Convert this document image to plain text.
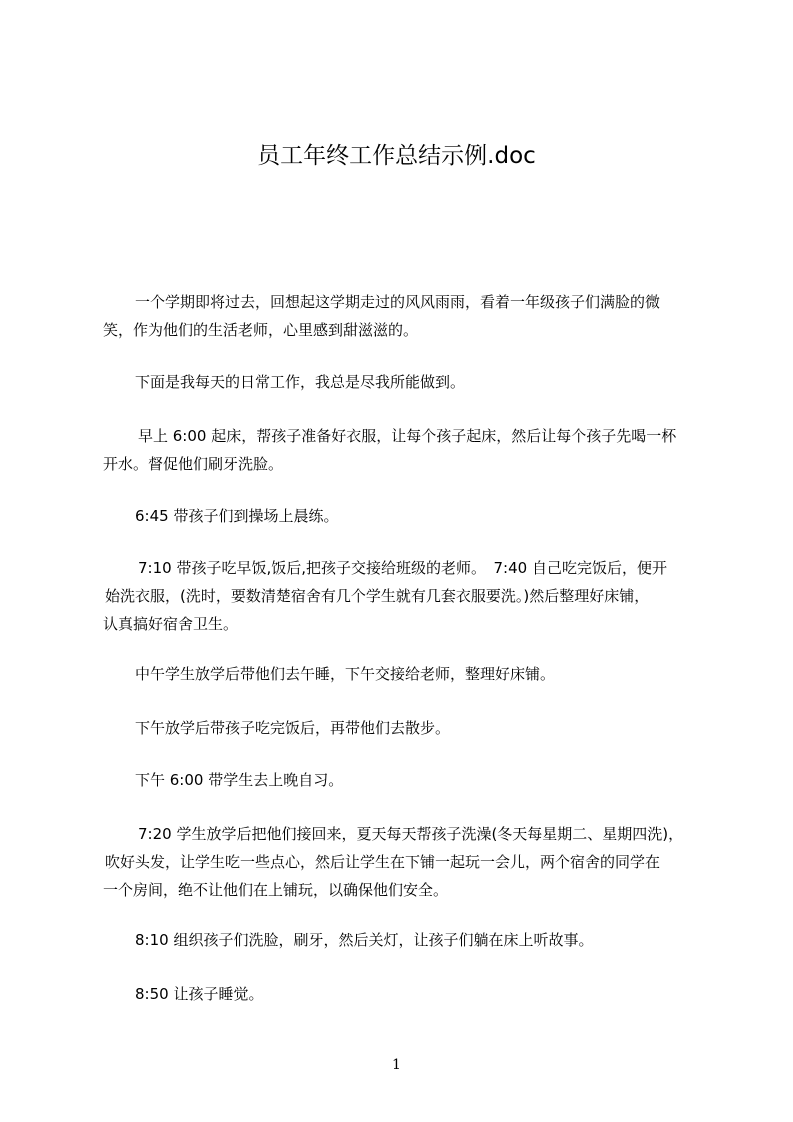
员工年终工作总结示例.doc

一个学期即将过去，回想起这学期走过的风风雨雨，看着一年级孩子们满脸的微
笑，作为他们的生活老师，心里感到甜滋滋的。

下面是我每天的日常工作，我总是尽我所能做到。

早上 6:00 起床，帮孩子准备好衣服，让每个孩子起床，然后让每个孩子先喝一杯
开水。督促他们刷牙洗脸。

6:45 带孩子们到操场上晨练。

7:10 带孩子吃早饭,饭后,把孩子交接给班级的老师。　7:40 自己吃完饭后，便开
始洗衣服，(洗时，要数清楚宿舍有几个学生就有几套衣服要洗。)然后整理好床铺，
认真搞好宿舍卫生。

中午学生放学后带他们去午睡，下午交接给老师，整理好床铺。

下午放学后带孩子吃完饭后，再带他们去散步。

下午 6:00 带学生去上晚自习。

7:20 学生放学后把他们接回来，夏天每天帮孩子洗澡(冬天每星期二、星期四洗)，
吹好头发，让学生吃一些点心，然后让学生在下铺一起玩一会儿，两个宿舍的同学在
一个房间，绝不让他们在上铺玩，以确保他们安全。

8:10 组织孩子们洗脸，刷牙，然后关灯，让孩子们躺在床上听故事。

8:50 让孩子睡觉。

1
